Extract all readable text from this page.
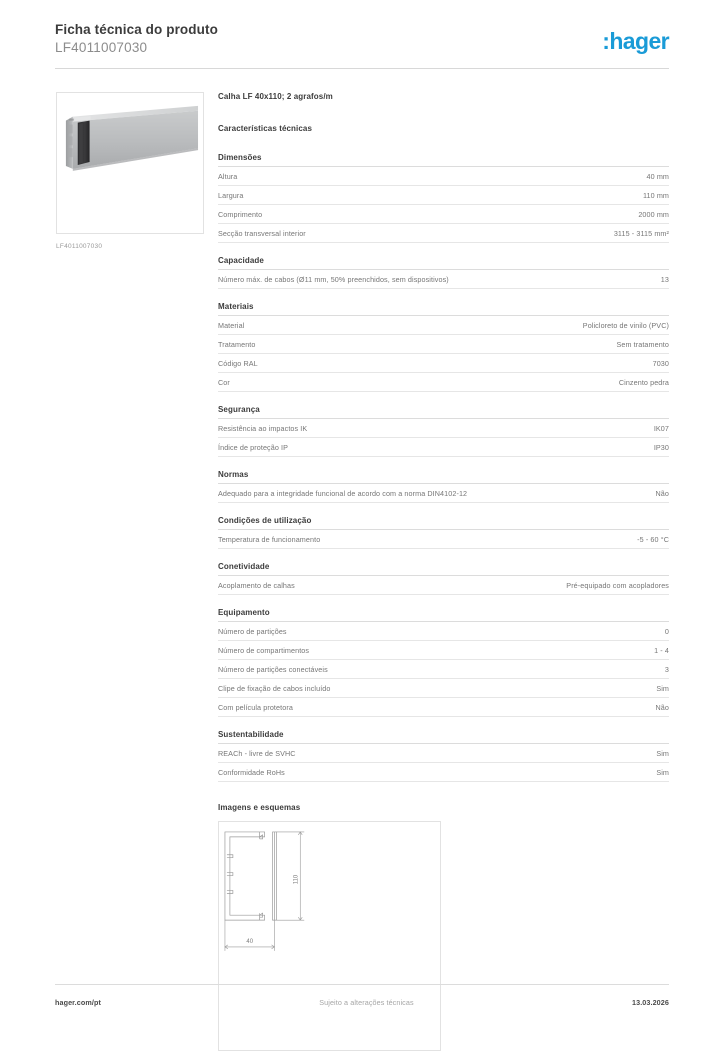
Ficha técnica do produto
LF4011007030	:hager
LF4011007030
Calha LF 40x110; 2 agrafos/m
Características técnicas
Dimensões
Altura	40 mm
Largura	110 mm
Comprimento	2000 mm
Secção transversal interior	3115 - 3115 mm²
Capacidade
Número máx. de cabos (Ø11 mm, 50% preenchidos, sem dispositivos)	13
Materiais
Material	Policloreto de vinilo (PVC)
Tratamento	Sem tratamento
Código RAL	7030
Cor	Cinzento pedra
Segurança
Resistência ao impactos IK	IK07
Índice de proteção IP	IP30
Normas
Adequado para a integridade funcional de acordo com a norma DIN4102-12	Não
Condições de utilização
Temperatura de funcionamento	-5 - 60 °C
Conetividade
Acoplamento de calhas	Pré-equipado com acopladores
Equipamento
Número de partições	0
Número de compartimentos	1 - 4
Número de partições conectáveis	3
Clipe de fixação de cabos incluído	Sim
Com película protetora	Não
Sustentabilidade
REACh - livre de SVHC	Sim
Conformidade RoHs	Sim
Imagens e esquemas
110
40
hager.com/pt	Sujeito a alterações técnicas	13.03.2026
